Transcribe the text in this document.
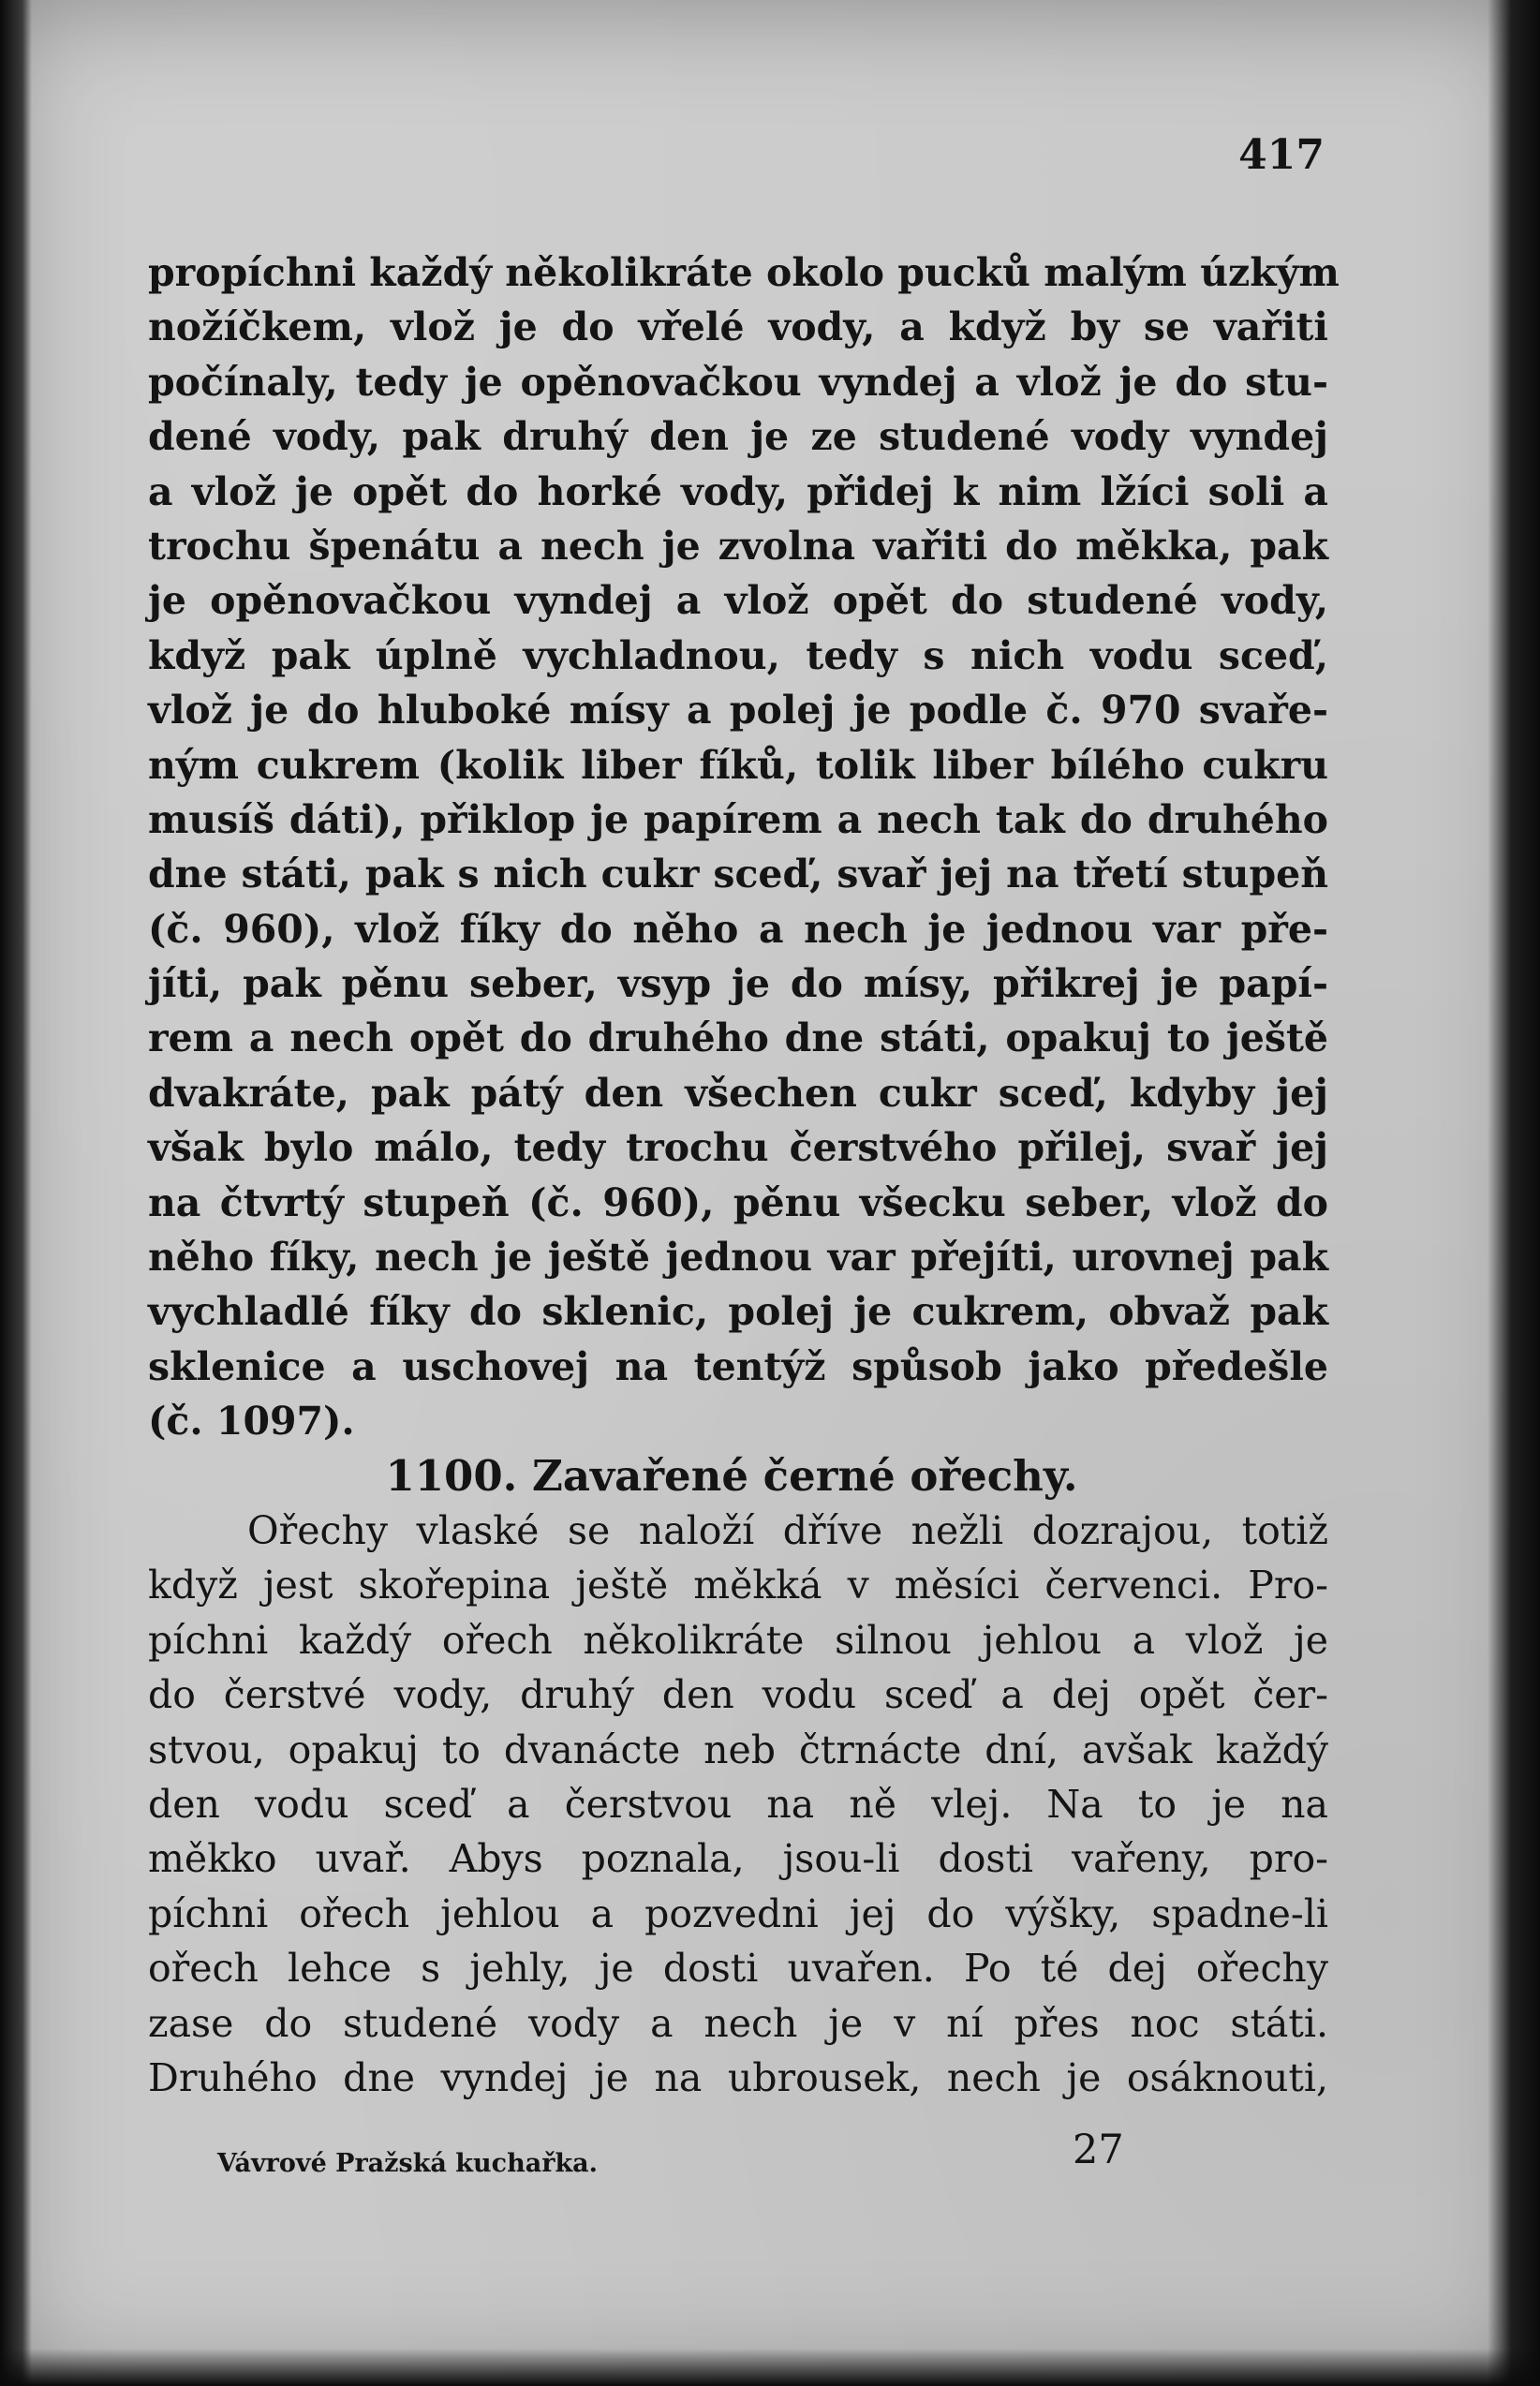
417
propíchni každý několikráte okolo pucků malým úzkým
nožíčkem, vlož je do vřelé vody, a když by se vařiti
počínaly, tedy je opěnovačkou vyndej a vlož je do stu-
dené vody, pak druhý den je ze studené vody vyndej
a vlož je opět do horké vody, přidej k nim lžíci soli a
trochu špenátu a nech je zvolna vařiti do měkka, pak
je opěnovačkou vyndej a vlož opět do studené vody,
když pak úplně vychladnou, tedy s nich vodu sceď,
vlož je do hluboké mísy a polej je podle č. 970 svaře-
ným cukrem (kolik liber fíků, tolik liber bílého cukru
musíš dáti), přiklop je papírem a nech tak do druhého
dne státi, pak s nich cukr sceď, svař jej na třetí stupeň
(č. 960), vlož fíky do něho a nech je jednou var pře-
jíti, pak pěnu seber, vsyp je do mísy, přikrej je papí-
rem a nech opět do druhého dne státi, opakuj to ještě
dvakráte, pak pátý den všechen cukr sceď, kdyby jej
však bylo málo, tedy trochu čerstvého přilej, svař jej
na čtvrtý stupeň (č. 960), pěnu všecku seber, vlož do
něho fíky, nech je ještě jednou var přejíti, urovnej pak
vychladlé fíky do sklenic, polej je cukrem, obvaž pak
sklenice a uschovej na tentýž spůsob jako předešle
(č. 1097).
1100. Zavařené černé ořechy.
Ořechy vlaské se naloží dříve nežli dozrajou, totiž
když jest skořepina ještě měkká v měsíci červenci. Pro-
píchni každý ořech několikráte silnou jehlou a vlož je
do čerstvé vody, druhý den vodu sceď a dej opět čer-
stvou, opakuj to dvanácte neb čtrnácte dní, avšak každý
den vodu sceď a čerstvou na ně vlej. Na to je na
měkko uvař. Abys poznala, jsou-li dosti vařeny, pro-
píchni ořech jehlou a pozvedni jej do výšky, spadne-li
ořech lehce s jehly, je dosti uvařen. Po té dej ořechy
zase do studené vody a nech je v ní přes noc státi.
Druhého dne vyndej je na ubrousek, nech je osáknouti,
Vávrové Pražská kuchařka.	27
